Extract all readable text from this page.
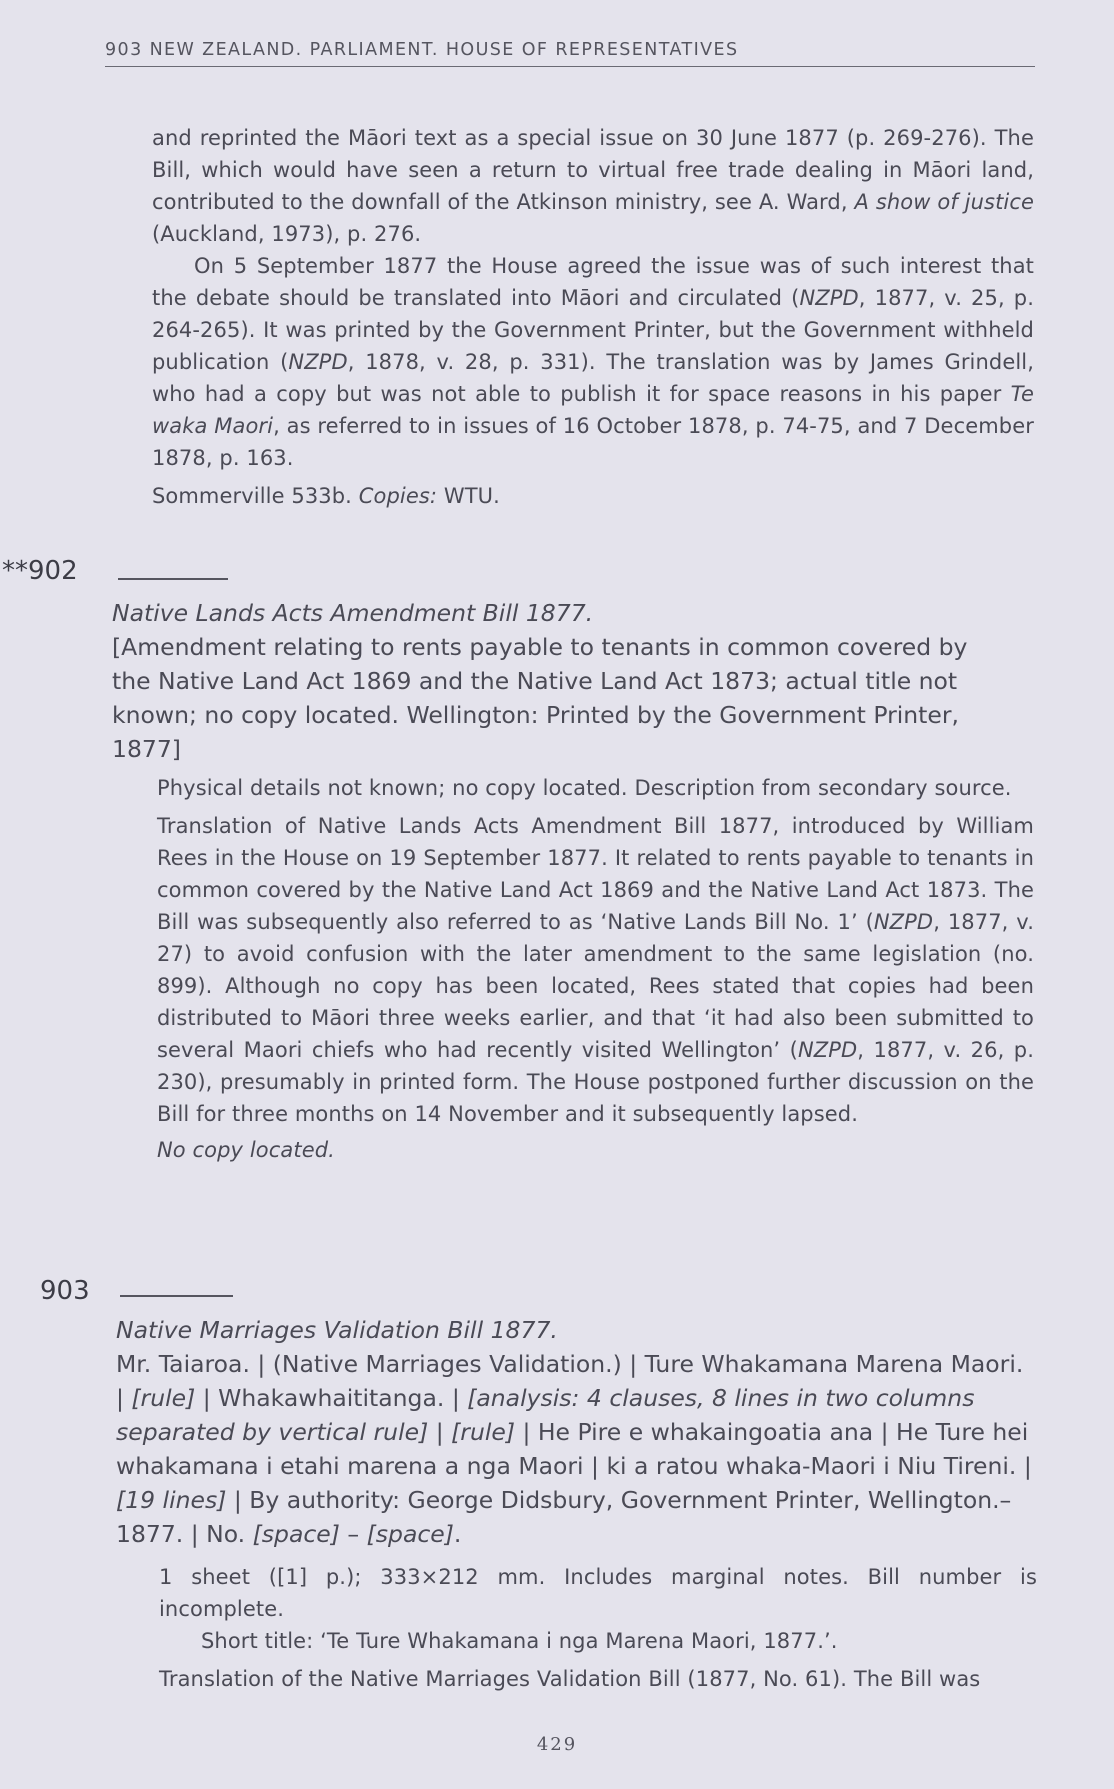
903 NEW ZEALAND. PARLIAMENT. HOUSE OF REPRESENTATIVES

and reprinted the Māori text as a special issue on 30 June 1877 (p. 269-276). The Bill, which would have seen a return to virtual free trade dealing in Māori land, contributed to the downfall of the Atkinson ministry, see A. Ward, A show of justice (Auckland, 1973), p. 276.

On 5 September 1877 the House agreed the issue was of such interest that the debate should be translated into Māori and circulated (NZPD, 1877, v. 25, p. 264-265). It was printed by the Government Printer, but the Government withheld publication (NZPD, 1878, v. 28, p. 331). The translation was by James Grindell, who had a copy but was not able to publish it for space reasons in his paper Te waka Maori, as referred to in issues of 16 October 1878, p. 74-75, and 7 December 1878, p. 163.

Sommerville 533b. Copies: WTU.

**902

Native Lands Acts Amendment Bill 1877.

[Amendment relating to rents payable to tenants in common covered by the Native Land Act 1869 and the Native Land Act 1873; actual title not known; no copy located. Wellington: Printed by the Government Printer, 1877]

Physical details not known; no copy located. Description from secondary source.

Translation of Native Lands Acts Amendment Bill 1877, introduced by William Rees in the House on 19 September 1877. It related to rents payable to tenants in common covered by the Native Land Act 1869 and the Native Land Act 1873. The Bill was subsequently also referred to as ‘Native Lands Bill No. 1’ (NZPD, 1877, v. 27) to avoid confusion with the later amendment to the same legislation (no. 899). Although no copy has been located, Rees stated that copies had been distributed to Māori three weeks earlier, and that ‘it had also been submitted to several Maori chiefs who had recently visited Wellington’ (NZPD, 1877, v. 26, p. 230), presumably in printed form. The House postponed further discussion on the Bill for three months on 14 November and it subsequently lapsed.

No copy located.

903

Native Marriages Validation Bill 1877.

Mr. Taiaroa. | (Native Marriages Validation.) | Ture Whakamana Marena Maori. | [rule] | Whakawhaititanga. | [analysis: 4 clauses, 8 lines in two columns separated by vertical rule] | [rule] | He Pire e whakaingoatia ana | He Ture hei whakamana i etahi marena a nga Maori | ki a ratou whaka-Maori i Niu Tireni. | [19 lines] | By authority: George Didsbury, Government Printer, Wellington.–1877. | No. [space] – [space].

1 sheet ([1] p.); 333×212 mm. Includes marginal notes. Bill number is incomplete.

Short title: ‘Te Ture Whakamana i nga Marena Maori, 1877.’.

Translation of the Native Marriages Validation Bill (1877, No. 61). The Bill was

429
